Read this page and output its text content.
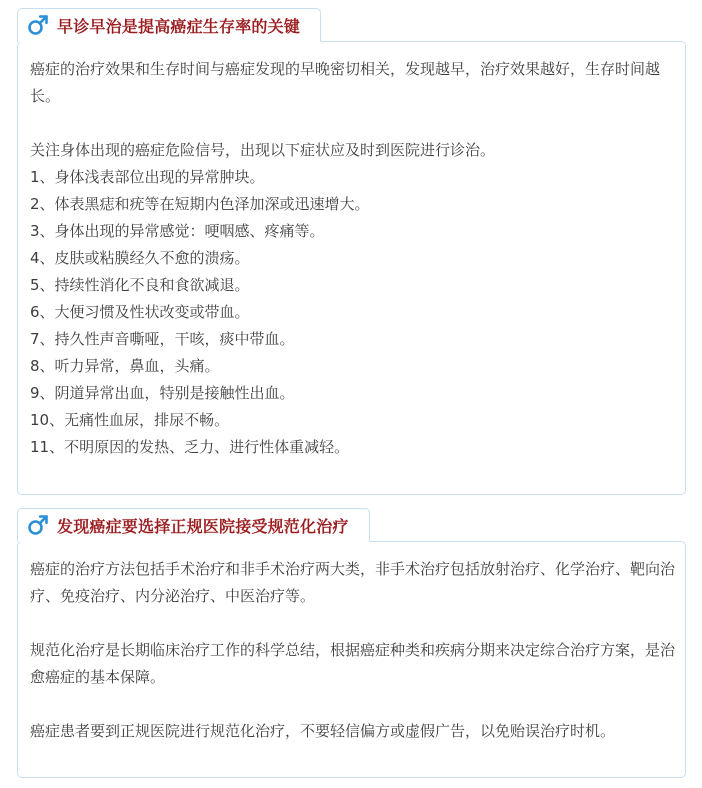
早诊早治是提高癌症生存率的关键

癌症的治疗效果和生存时间与癌症发现的早晚密切相关，发现越早，治疗效果越好，生存时间越长。

关注身体出现的癌症危险信号，出现以下症状应及时到医院进行诊治。

1、身体浅表部位出现的异常肿块。
2、体表黑痣和疣等在短期内色泽加深或迅速增大。
3、身体出现的异常感觉：哽咽感、疼痛等。
4、皮肤或粘膜经久不愈的溃疡。
5、持续性消化不良和食欲减退。
6、大便习惯及性状改变或带血。
7、持久性声音嘶哑，干咳，痰中带血。
8、听力异常，鼻血，头痛。
9、阴道异常出血，特别是接触性出血。
10、无痛性血尿，排尿不畅。
11、不明原因的发热、乏力、进行性体重减轻。
发现癌症要选择正规医院接受规范化治疗

癌症的治疗方法包括手术治疗和非手术治疗两大类，非手术治疗包括放射治疗、化学治疗、靶向治疗、免疫治疗、内分泌治疗、中医治疗等。

规范化治疗是长期临床治疗工作的科学总结，根据癌症种类和疾病分期来决定综合治疗方案，是治愈癌症的基本保障。

癌症患者要到正规医院进行规范化治疗，不要轻信偏方或虚假广告，以免贻误治疗时机。
